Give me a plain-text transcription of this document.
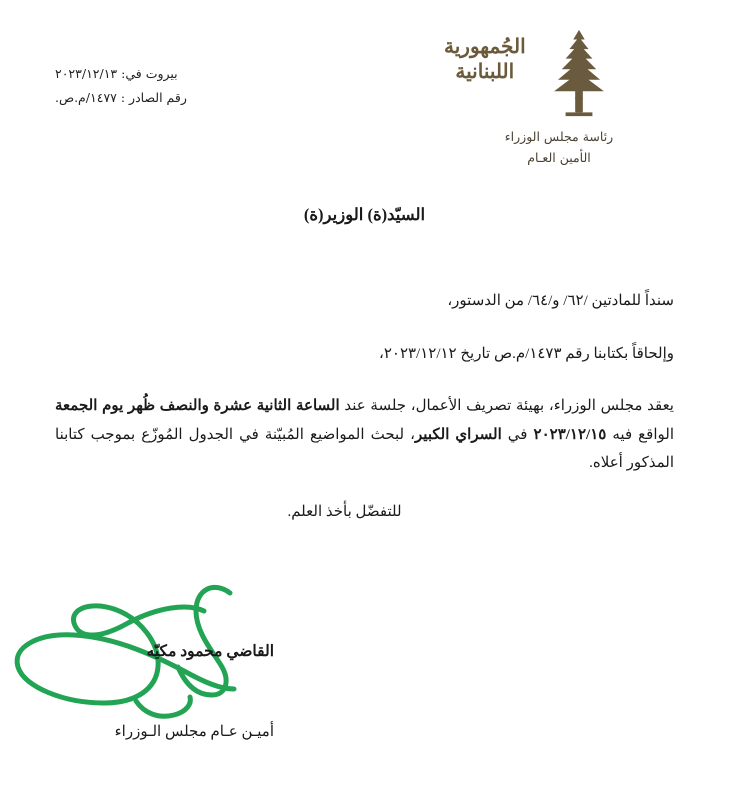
الجُمهورية
اللبنانية
رئاسة مجلس الوزراء
الأمين العـام
بيروت في: ٢٠٢٣/١٢/١٣
رقم الصادر : ١٤٧٧/م.ص.
السيّد(ة) الوزير(ة)

سنداً للمادتين /٦٢/ و/٦٤/ من الدستور،

وإلحاقاً بكتابنا رقم ١٤٧٣/م.ص تاريخ ٢٠٢٣/١٢/١٢،

يعقد مجلس الوزراء، بهيئة تصريف الأعمال، جلسة عند الساعة الثانية عشرة والنصف ظُهر يوم الجمعة الواقع فيه ٢٠٢٣/١٢/١٥ في السراي الكبير، لبحث المواضيع المُبيّنة في الجدول المُوزّع بموجب كتابنا المذكور أعلاه.

للتفضّل بأخذ العلم.

القاضي محمود مكيّه
أميـن عـام مجلس الـوزراء
